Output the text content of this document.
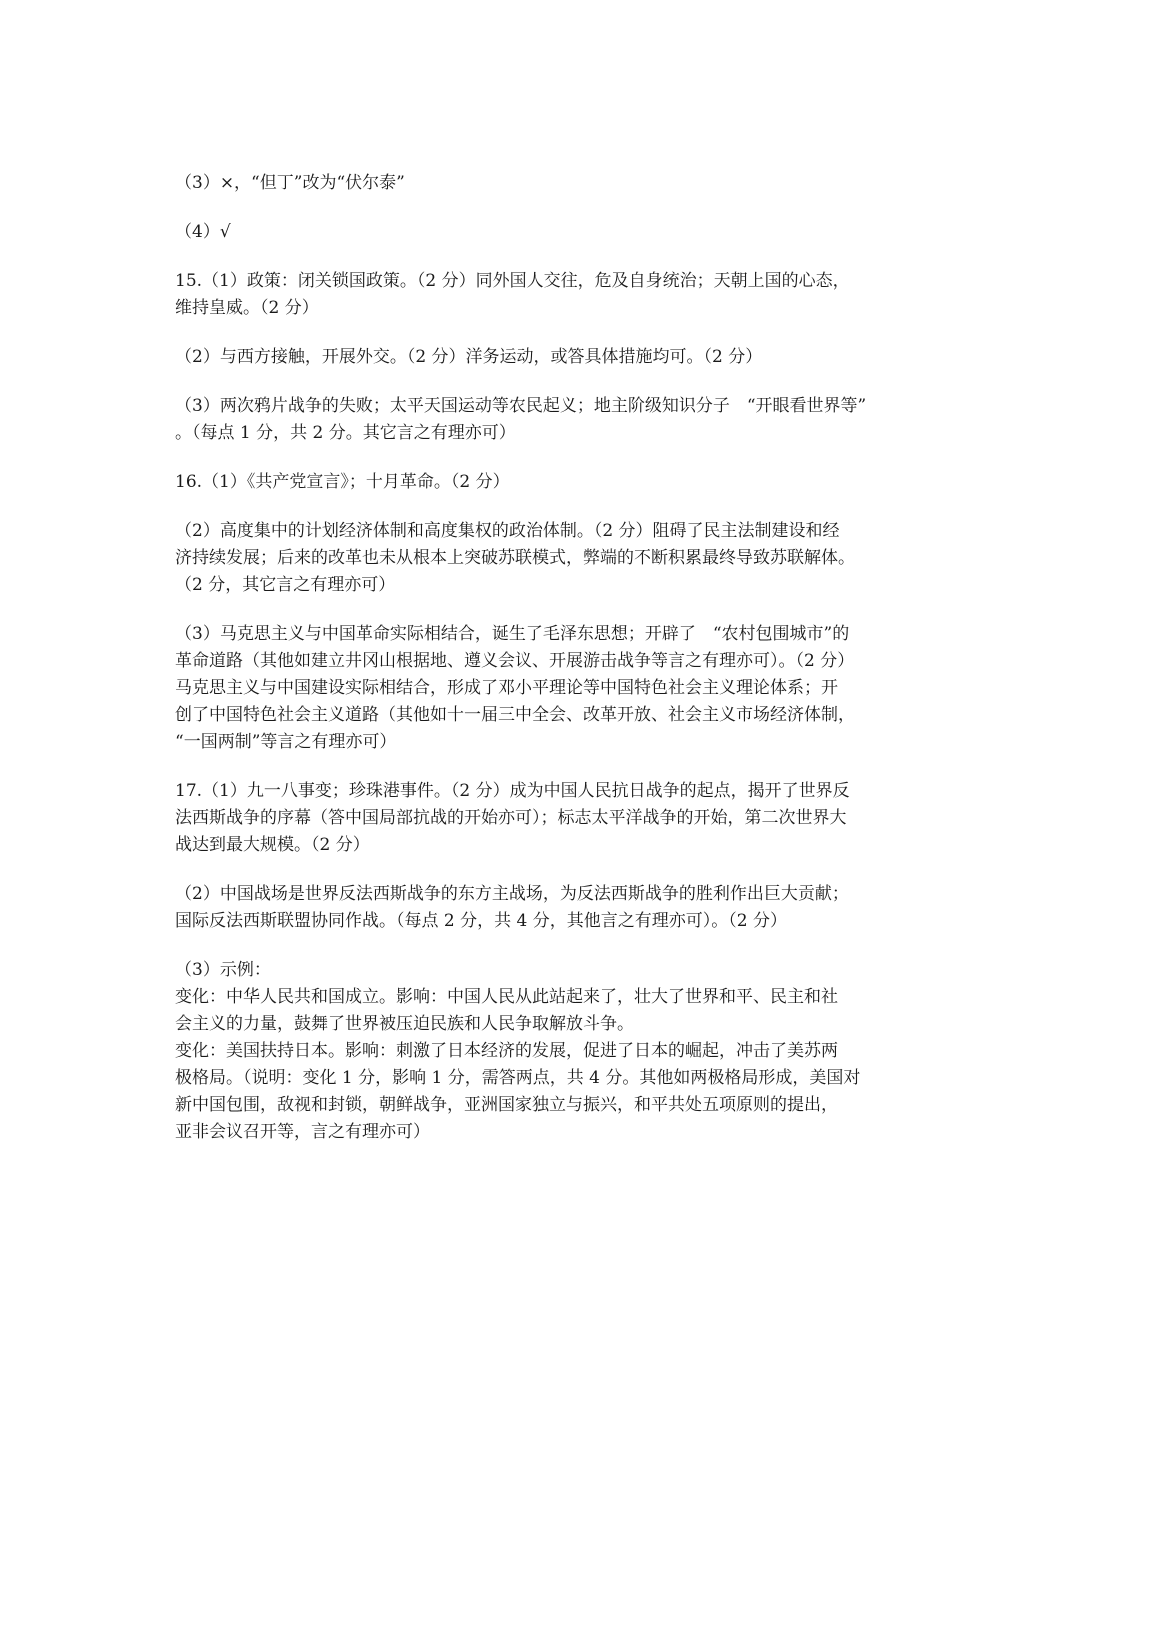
（3）×，“但丁”改为“伏尔泰”
（4）√
15.（1）政策：闭关锁国政策。（2 分）同外国人交往，危及自身统治；天朝上国的心态，
维持皇威。（2 分）
（2）与西方接触，开展外交。（2 分）洋务运动，或答具体措施均可。（2 分）
（3）两次鸦片战争的失败；太平天国运动等农民起义；地主阶级知识分子　“开眼看世界等”
。（每点 1 分，共 2 分。其它言之有理亦可）
16.（1）《共产党宣言》；十月革命。（2 分）
（2）高度集中的计划经济体制和高度集权的政治体制。（2 分）阻碍了民主法制建设和经
济持续发展；后来的改革也未从根本上突破苏联模式，弊端的不断积累最终导致苏联解体。
（2 分，其它言之有理亦可）
（3）马克思主义与中国革命实际相结合，诞生了毛泽东思想；开辟了　“农村包围城市”的
革命道路（其他如建立井冈山根据地、遵义会议、开展游击战争等言之有理亦可）。（2 分）
马克思主义与中国建设实际相结合，形成了邓小平理论等中国特色社会主义理论体系；开
创了中国特色社会主义道路（其他如十一届三中全会、改革开放、社会主义市场经济体制，
“一国两制”等言之有理亦可）
17.（1）九一八事变；珍珠港事件。（2 分）成为中国人民抗日战争的起点，揭开了世界反
法西斯战争的序幕（答中国局部抗战的开始亦可）；标志太平洋战争的开始，第二次世界大
战达到最大规模。（2 分）
（2）中国战场是世界反法西斯战争的东方主战场，为反法西斯战争的胜利作出巨大贡献；
国际反法西斯联盟协同作战。（每点 2 分，共 4 分，其他言之有理亦可）。（2 分）
（3）示例：
变化：中华人民共和国成立。影响：中国人民从此站起来了，壮大了世界和平、民主和社
会主义的力量，鼓舞了世界被压迫民族和人民争取解放斗争。
变化：美国扶持日本。影响：刺激了日本经济的发展，促进了日本的崛起，冲击了美苏两
极格局。（说明：变化 1 分，影响 1 分，需答两点，共 4 分。其他如两极格局形成，美国对
新中国包围，敌视和封锁，朝鲜战争，亚洲国家独立与振兴，和平共处五项原则的提出，
亚非会议召开等，言之有理亦可）
